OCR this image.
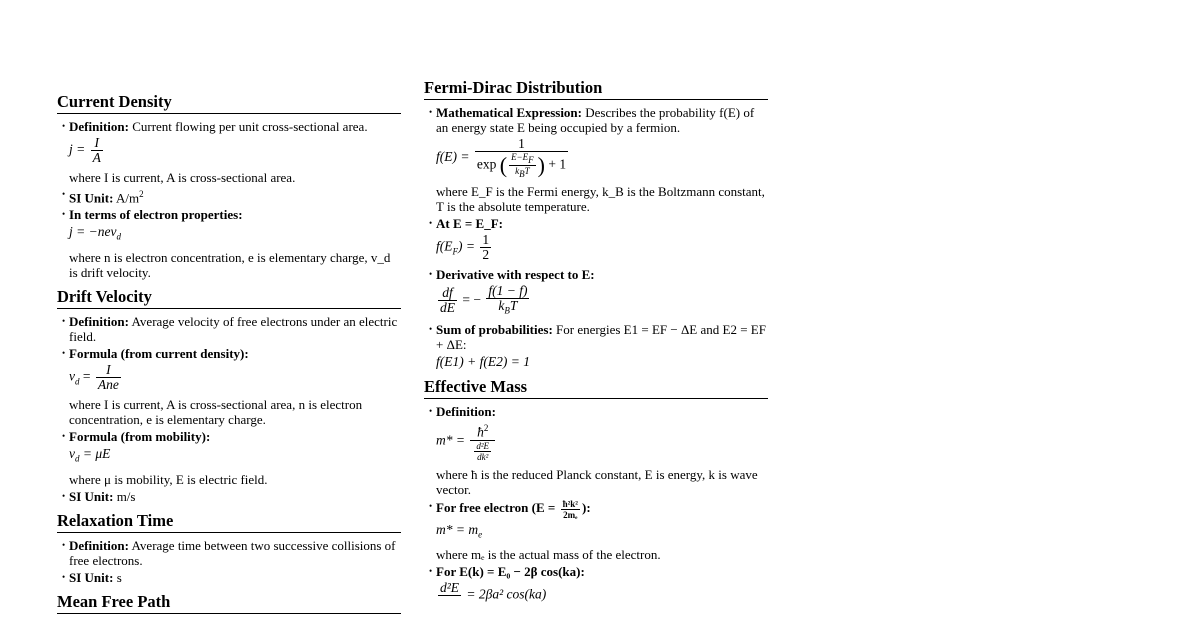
Current Density
• Definition: Current flowing per unit cross-sectional area.
$j = \frac{I}{A}$
where I is current, A is cross-sectional area.
• SI Unit: $A/m^2$
• In terms of electron properties:
j = −nev$_d$
where n is electron concentration, e is elementary charge, v_d is drift velocity.
Drift Velocity
• Definition: Average velocity of free electrons under an electric field.
• Formula (from current density):
$v_d = \frac{I}{\text{Ane}}$
where I is current, A is cross-sectional area, n is electron concentration, e is elementary charge.
• Formula (from mobility):
$v_d = \mu E$
where μ is mobility, E is electric field.
• SI Unit: m/s
Relaxation Time
• Definition: Average time between two successive collisions of free electrons.
• SI Unit: s
Mean Free Path
Fermi-Dirac Distribution
• Mathematical Expression: Describes the probability f(E) of an energy state E being occupied by a fermion.
f(E) =
1
exp ( $\frac{E-E_F}{k_BT}$ ) + 1
where E_F is the Fermi energy, k_B is the Boltzmann constant, T is the absolute temperature.
• At E = E_F:
$f(E_F) = \frac{1}{2}$
• Derivative with respect to E:
$\frac{df}{dE}$ = − $\frac{f(1 - f)}{k_BT}$
• Sum of probabilities: For energies E1 = EF − ΔE and E2 = EF + ΔE:
f(E1) + f(E2) = 1
Effective Mass
• Definition:
$m* = ħ^2$
d²E
dk²
where ħ is the reduced Planck constant, E is energy, k is wave vector.
• For free electron ($E = \frac{\text{ħ²k²}}{\text{2mₑ}}$ ):
$m* = m_e$
where mₑ is the actual mass of the electron.
• For E(k) = E₀ − 2β cos(ka):
d²E
= 2βa² cos(ka)
